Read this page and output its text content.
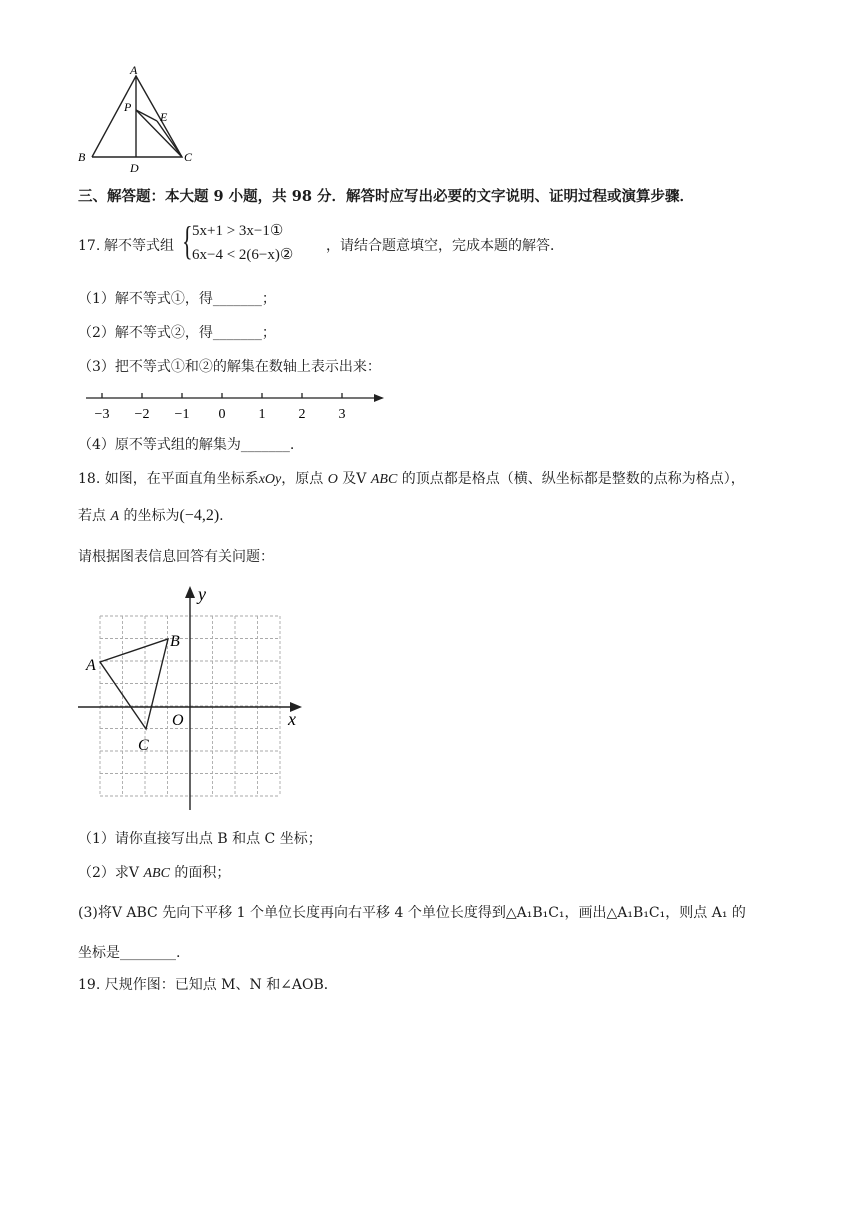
A
P
E
B
D
C
三、解答题：本大题 9 小题，共 98 分．解答时应写出必要的文字说明、证明过程或演算步骤．
17. 解不等式组 { 5x+1 > 3x−1①
6x−4 < 2(6−x)②
，请结合题意填空，完成本题的解答．
（1）解不等式①，得_______；
（2）解不等式②，得_______；
（3）把不等式①和②的解集在数轴上表示出来：
−3 −2 −1 0 1 2 3
（4）原不等式组的解集为_______.
18. 如图，在平面直角坐标系xOy，原点 O 及V ABC 的顶点都是格点（横、纵坐标都是整数的点称为格点），
若点 A 的坐标为(−4,2).
请根据图表信息回答有关问题：
y
x
O
A
B
C
（1）请你直接写出点 B 和点 C 坐标；
（2）求V ABC 的面积；
(3)将V ABC 先向下平移 1 个单位长度再向右平移 4 个单位长度得到△A₁B₁C₁，画出△A₁B₁C₁，则点 A₁ 的
坐标是________.
19. 尺规作图：已知点 M、N 和∠AOB．
